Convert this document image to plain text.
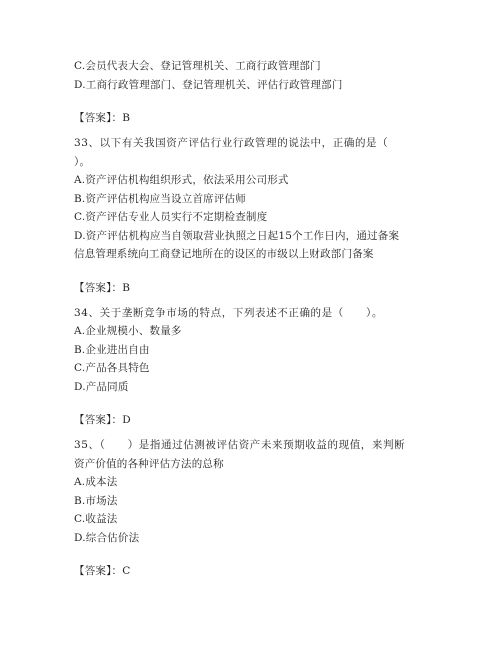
C.会员代表大会、登记管理机关、工商行政管理部门
D.工商行政管理部门、登记管理机关、评估行政管理部门
【答案】：B
33、以下有关我国资产评估行业行政管理的说法中，正确的是（
）。
A.资产评估机构组织形式，依法采用公司形式
B.资产评估机构应当设立首席评估师
C.资产评估专业人员实行不定期检查制度
D.资产评估机构应当自领取营业执照之日起15个工作日内，通过备案
信息管理系统向工商登记地所在的设区的市级以上财政部门备案
【答案】：B
34、关于垄断竞争市场的特点，下列表述不正确的是（　　）。
A.企业规模小、数量多
B.企业进出自由
C.产品各具特色
D.产品同质
【答案】：D
35、（　　）是指通过估测被评估资产未来预期收益的现值，来判断
资产价值的各种评估方法的总称
A.成本法
B.市场法
C.收益法
D.综合估价法
【答案】：C
